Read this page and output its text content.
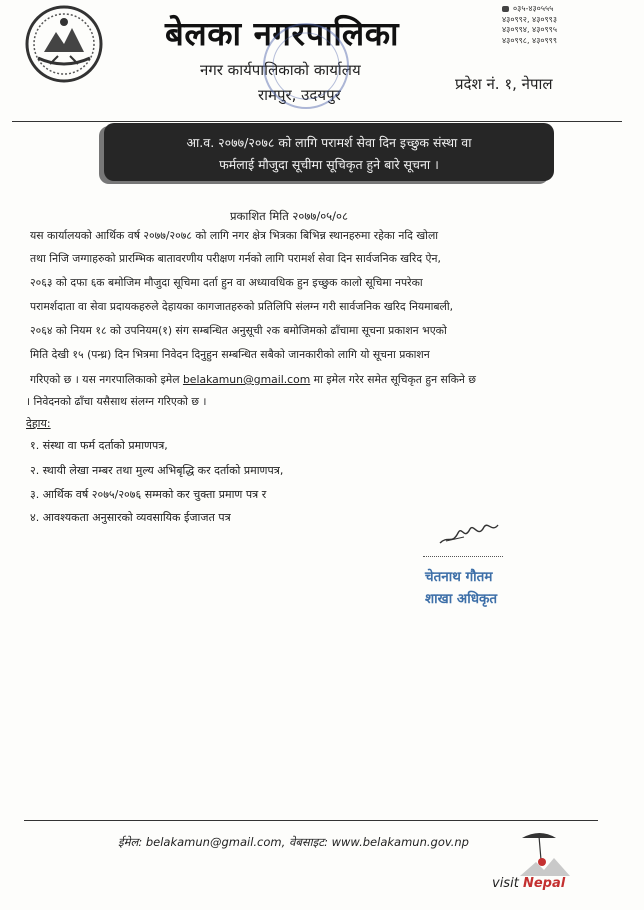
बेलका नगरपालिका
नगर कार्यपालिकाको कार्यालय
रामपुर, उदयपुर
प्रदेश नं. १, नेपाल
०३५-४३०५५५
४३०९९२, ४३०९९३
४३०९९४, ४३०९९५
४३०९९८, ४३०९९९
आ.व. २०७७/२०७८ को लागि परामर्श सेवा दिन इच्छुक संस्था वा
फर्मलाई मौजुदा सूचीमा सूचिकृत हुने बारे सूचना ।
प्रकाशित मिति २०७७/०५/०८
यस कार्यालयको आर्थिक वर्ष २०७७/२०७८ को लागि नगर क्षेत्र भित्रका बिभिन्न स्थानहरुमा रहेका नदि खोला
तथा निजि जग्गाहरुको प्रारम्भिक बातावरणीय परीक्षण गर्नको लागि परामर्श सेवा दिन सार्वजनिक खरिद ऐन,
२०६३ को दफा ६क बमोजिम मौजुदा सूचिमा दर्ता हुन वा अध्यावधिक हुन इच्छुक कालो सूचिमा नपरेका
परामर्शदाता वा सेवा प्रदायकहरुले देहायका कागजातहरुको प्रतिलिपि संलग्न गरी सार्वजनिक खरिद नियमाबली,
२०६४ को नियम १८ को उपनियम(१) संग सम्बन्धित अनुसूची २क बमोजिमको ढाँचामा सूचना प्रकाशन भएको
मिति देखी १५ (पन्ध्र) दिन भित्रमा निवेदन दिनुहुन सम्बन्धित सबैको जानकारीको लागि यो सूचना प्रकाशन
गरिएको छ । यस नगरपालिकाको इमेल belakamun@gmail.com मा इमेल गरेर समेत सूचिकृत हुन सकिने छ
। निवेदनको ढाँचा यसैसाथ संलग्न गरिएको छ ।
देहाय:
१. संस्था वा फर्म दर्ताको प्रमाणपत्र,
२. स्थायी लेखा नम्बर तथा मुल्य अभिबृद्धि कर दर्ताको प्रमाणपत्र,
३. आर्थिक वर्ष २०७५/२०७६ सम्मको कर चुक्ता प्रमाण पत्र र
४. आवश्यकता अनुसारको व्यवसायिक ईजाजत पत्र
चेतनाथ गौतम
शाखा अधिकृत
ईमेल: belakamun@gmail.com, वेबसाइट: www.belakamun.gov.np
visit Nepal
